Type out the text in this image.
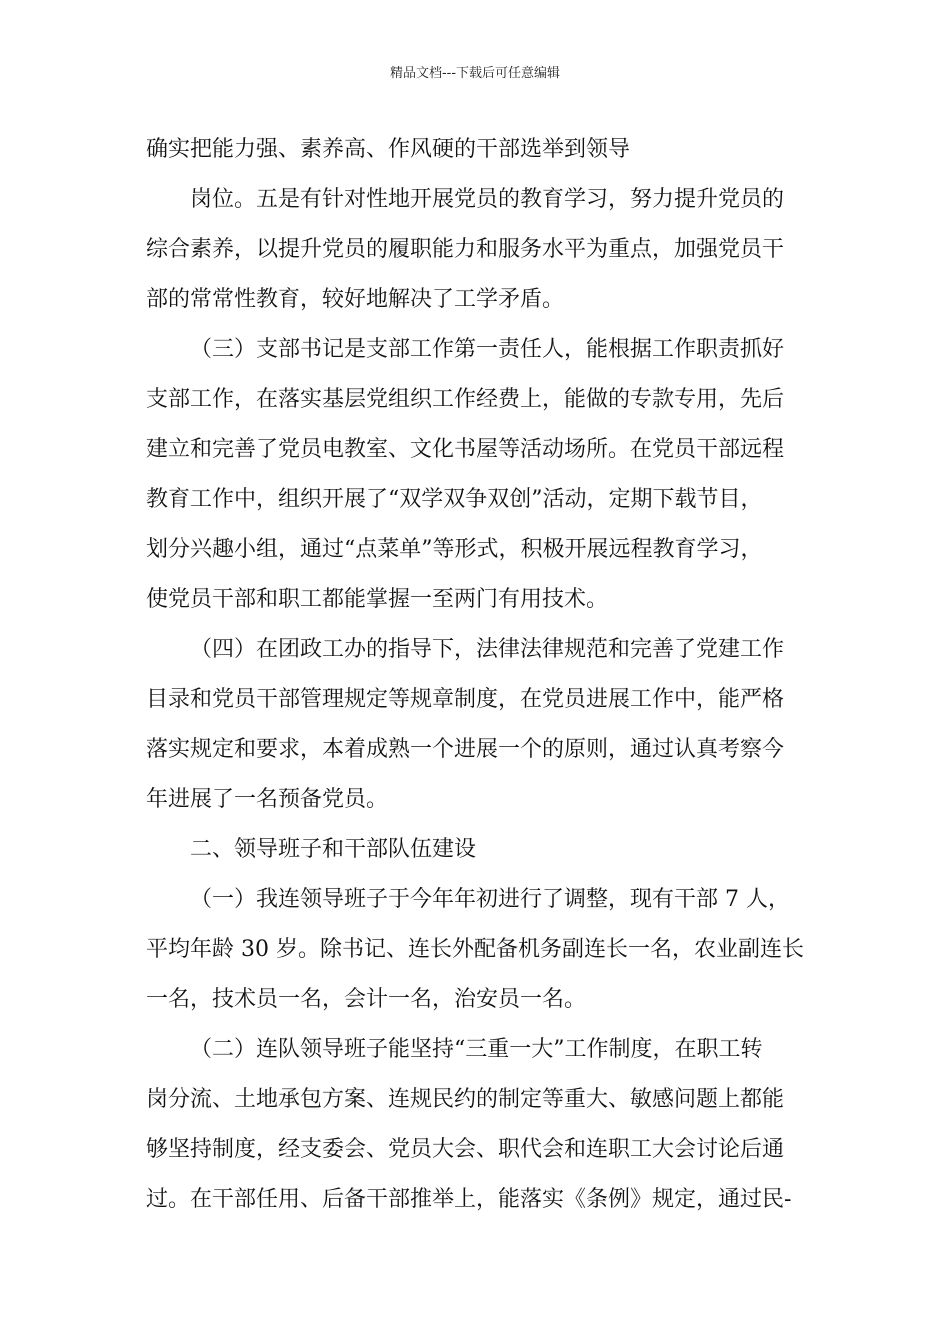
精品文档---下载后可任意编辑
确实把能力强、素养高、作风硬的干部选举到领导
岗位。五是有针对性地开展党员的教育学习，努力提升党员的
综合素养，以提升党员的履职能力和服务水平为重点，加强党员干
部的常常性教育，较好地解决了工学矛盾。
（三）支部书记是支部工作第一责任人，能根据工作职责抓好
支部工作，在落实基层党组织工作经费上，能做的专款专用，先后
建立和完善了党员电教室、文化书屋等活动场所。在党员干部远程
教育工作中，组织开展了“双学双争双创”活动，定期下载节目，
划分兴趣小组，通过“点菜单”等形式，积极开展远程教育学习，
使党员干部和职工都能掌握一至两门有用技术。
（四）在团政工办的指导下，法律法律规范和完善了党建工作
目录和党员干部管理规定等规章制度，在党员进展工作中，能严格
落实规定和要求，本着成熟一个进展一个的原则，通过认真考察今
年进展了一名预备党员。
二、领导班子和干部队伍建设
（一）我连领导班子于今年年初进行了调整，现有干部 7 人，
平均年龄 30 岁。除书记、连长外配备机务副连长一名，农业副连长
一名，技术员一名，会计一名，治安员一名。
（二）连队领导班子能坚持“三重一大”工作制度，在职工转
岗分流、土地承包方案、连规民约的制定等重大、敏感问题上都能
够坚持制度，经支委会、党员大会、职代会和连职工大会讨论后通
过。在干部任用、后备干部推举上，能落实《条例》规定，通过民-
